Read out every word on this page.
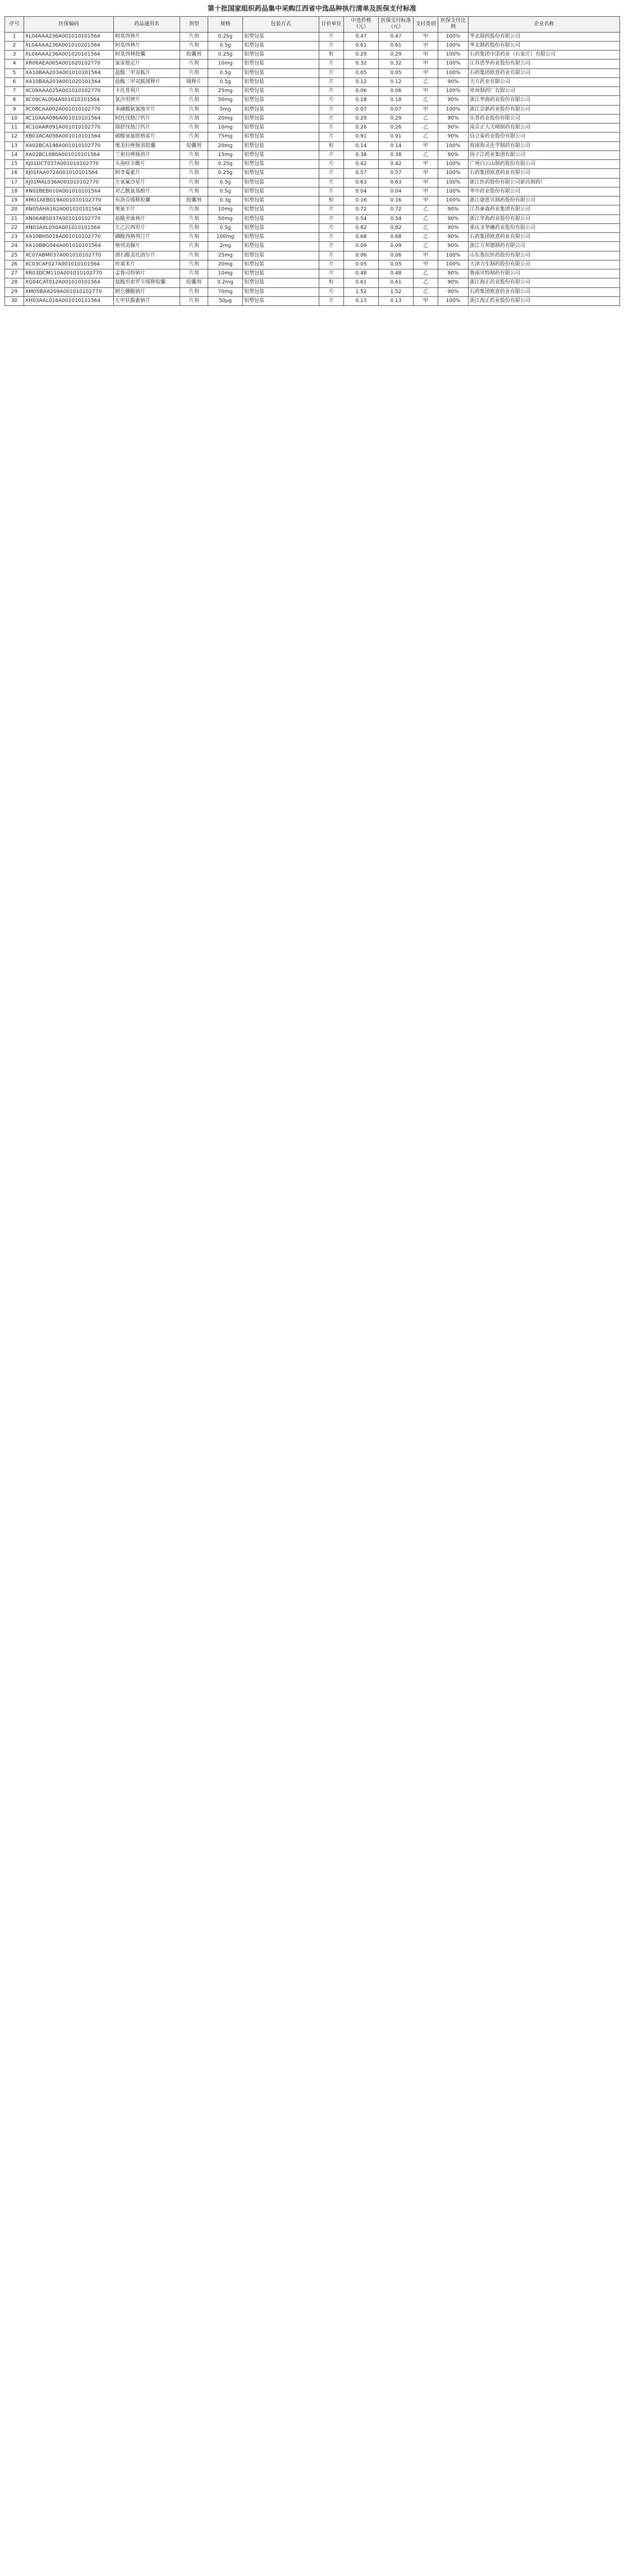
第十批国家组织药品集中采购江西省中选品种执行清单及医保支付标准
序号	医保编码	药品通用名	剂型	规格	包装方式	计价单位	中选价格（元）	医保支付标准（元）	支付类别	医保支付比例	企业名称
1	XL04AAA236A001010101564	阿莫西林片	片剂	0.25g	铝塑包装	片	0.47	0.47	甲	100%	华北制药股份有限公司
2	XL04AAA236A001010201564	阿莫西林片	片剂	0.5g	铝塑包装	片	0.61	0.61	甲	100%	华北制药股份有限公司
3	XL04AAA236A001020101564	阿莫西林胶囊	胶囊剂	0.25g	铝塑包装	粒	0.29	0.29	甲	100%	石药集团中诺药业（石家庄）有限公司
4	XR06AEA065A001020102770	氯雷他定片	片剂	10mg	铝塑包装	片	0.32	0.32	甲	100%	江苏恩华药业股份有限公司
5	XA10BAA203A001010101564	盐酸二甲双胍片	片剂	0.5g	铝塑包装	片	0.05	0.05	甲	100%	石药集团欧意药业有限公司
6	XA10BAA203A001020101564	盐酸二甲双胍缓释片	缓释片	0.5g	铝塑包装	片	0.12	0.12	乙	90%	天方药业有限公司
7	XC09AAA025A001010102770	卡托普利片	片剂	25mg	铝塑包装	片	0.06	0.06	甲	100%	常州制药厂有限公司
8	XC09CAL004A001010101564	氯沙坦钾片	片剂	50mg	铝塑包装	片	0.18	0.18	乙	90%	浙江华海药业股份有限公司
9	XC08CAA002A001010102770	苯磺酸氨氯地平片	片剂	5mg	铝塑包装	片	0.07	0.07	甲	100%	浙江京新药业股份有限公司
10	XC10AAA086A001010101564	阿托伐他汀钙片	片剂	20mg	铝塑包装	片	0.29	0.29	乙	90%	乐普药业股份有限公司
11	XC10AAR091A001010102770	瑞舒伐他汀钙片	片剂	10mg	铝塑包装	片	0.26	0.26	乙	90%	南京正大天晴制药有限公司
12	XB01ACA056A001010101564	硫酸氢氯吡格雷片	片剂	75mg	铝塑包装	片	0.91	0.91	乙	90%	信立泰药业股份有限公司
13	XA02BCA198A001010102770	奥美拉唑肠溶胶囊	胶囊剂	20mg	铝塑包装	粒	0.14	0.14	甲	100%	海南海灵化学制药有限公司
14	XA02BCL080A001010101564	兰索拉唑肠溶片	片剂	15mg	铝塑包装	片	0.38	0.38	乙	90%	扬子江药业集团有限公司
15	XJ01DCT037A001010102770	头孢呋辛酯片	片剂	0.25g	铝塑包装	片	0.42	0.42	甲	100%	广州白云山制药股份有限公司
16	XJ01FAA072A001010101564	阿奇霉素片	片剂	0.25g	铝塑包装	片	0.57	0.57	甲	100%	石药集团欧意药业有限公司
17	XJ01MAL036A001010102770	左氧氟沙星片	片剂	0.5g	铝塑包装	片	0.63	0.63	甲	100%	浙江医药股份有限公司新昌制药厂
18	XN02BEB010A001010101564	对乙酰氨基酚片	片剂	0.5g	铝塑包装	片	0.04	0.04	甲	100%	华中药业股份有限公司
19	XM01AEB019A001010102770	布洛芬缓释胶囊	胶囊剂	0.3g	铝塑包装	粒	0.16	0.16	甲	100%	浙江康恩贝制药股份有限公司
20	XN05AHA162A001010101564	奥氮平片	片剂	10mg	铝塑包装	片	0.72	0.72	乙	90%	江苏豪森药业集团有限公司
21	XN06ABS037A001010102770	盐酸舍曲林片	片剂	50mg	铝塑包装	片	0.54	0.54	乙	90%	浙江华海药业股份有限公司
22	XN03AXL050A001010101564	左乙拉西坦片	片剂	0.5g	铝塑包装	片	0.82	0.82	乙	90%	重庆圣华曦药业股份有限公司
23	XA10BHS016A001010102770	磷酸西格列汀片	片剂	100mg	铝塑包装	片	0.68	0.68	乙	90%	石药集团欧意药业有限公司
24	XA10BBG044A001010101564	格列美脲片	片剂	2mg	铝塑包装	片	0.09	0.09	乙	90%	浙江万邦德制药有限公司
25	XC07ABM037A001010102770	酒石酸美托洛尔片	片剂	25mg	铝塑包装	片	0.06	0.06	甲	100%	山东鲁抗医药股份有限公司
26	XC03CAF027A001010101564	呋塞米片	片剂	20mg	铝塑包装	片	0.05	0.05	甲	100%	天津力生制药股份有限公司
27	XR03DCM110A001010102770	孟鲁司特钠片	片剂	10mg	铝塑包装	片	0.48	0.48	乙	90%	鲁南贝特制药有限公司
28	XG04CAT012A001010101564	盐酸坦索罗辛缓释胶囊	胶囊剂	0.2mg	铝塑包装	粒	0.61	0.61	乙	90%	浙江海正药业股份有限公司
29	XM05BAA209A001010102770	阿仑膦酸钠片	片剂	70mg	铝塑包装	片	1.52	1.52	乙	90%	石药集团欧意药业有限公司
30	XH03AAL016A001010101564	左甲状腺素钠片	片剂	50μg	铝塑包装	片	0.13	0.13	甲	100%	浙江海正药业股份有限公司
